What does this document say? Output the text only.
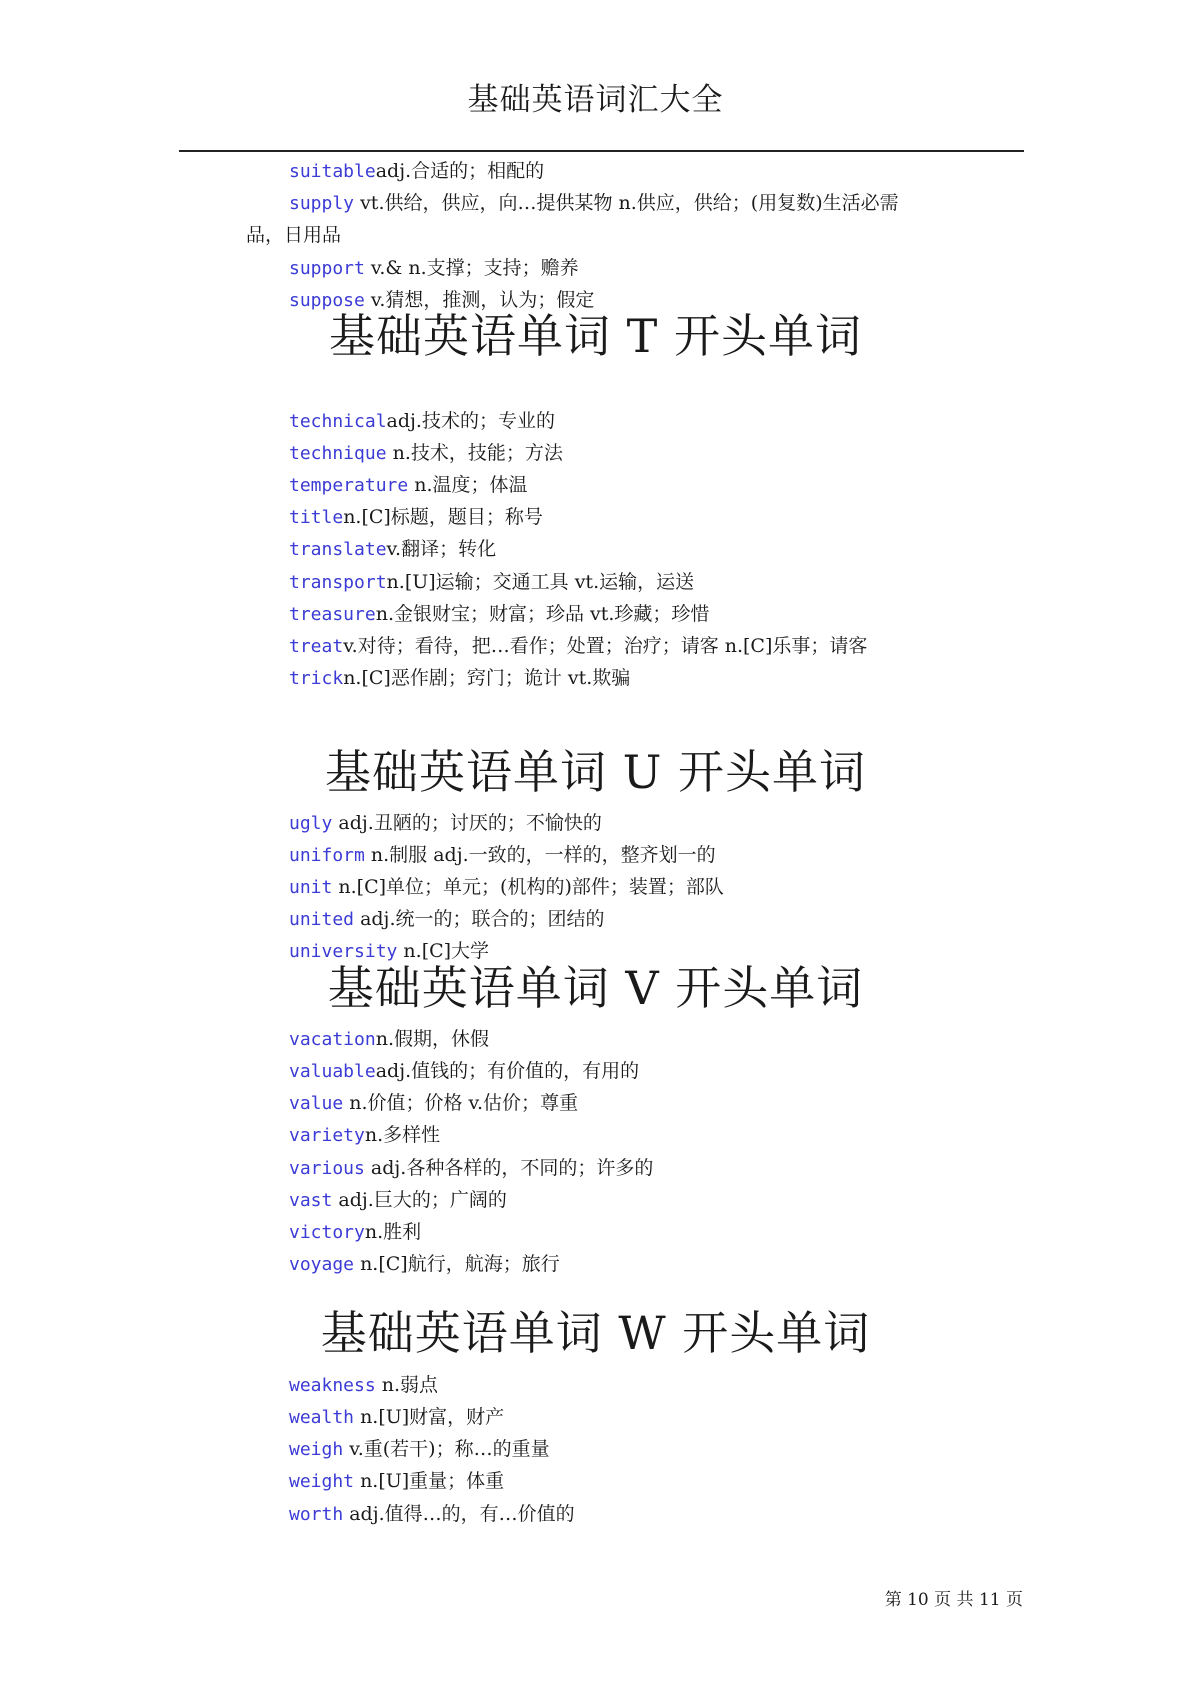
基础英语词汇大全
suitableadj.合适的；相配的
supply vt.供给，供应，向…提供某物 n.供应，供给；(用复数)生活必需
品，日用品
support v.& n.支撑；支持；赡养
suppose v.猜想，推测，认为；假定
基础英语单词 T 开头单词
technicaladj.技术的；专业的
technique n.技术，技能；方法
temperature n.温度；体温
titlen.[C]标题，题目；称号
translatev.翻译；转化
transportn.[U]运输；交通工具 vt.运输，运送
treasuren.金银财宝；财富；珍品 vt.珍藏；珍惜
treatv.对待；看待，把…看作；处置；治疗；请客 n.[C]乐事；请客
trickn.[C]恶作剧；窍门；诡计 vt.欺骗
基础英语单词 U 开头单词
ugly adj.丑陋的；讨厌的；不愉快的
uniform n.制服 adj.一致的，一样的，整齐划一的
unit n.[C]单位；单元；(机构的)部件；装置；部队
united adj.统一的；联合的；团结的
university n.[C]大学
基础英语单词 V 开头单词
vacationn.假期，休假
valuableadj.值钱的；有价值的，有用的
value n.价值；价格 v.估价；尊重
varietyn.多样性
various adj.各种各样的，不同的；许多的
vast adj.巨大的；广阔的
victoryn.胜利
voyage n.[C]航行，航海；旅行
基础英语单词 W 开头单词
weakness n.弱点
wealth n.[U]财富，财产
weigh v.重(若干)；称…的重量
weight n.[U]重量；体重
worth adj.值得…的，有…价值的
第 10 页 共 11 页
